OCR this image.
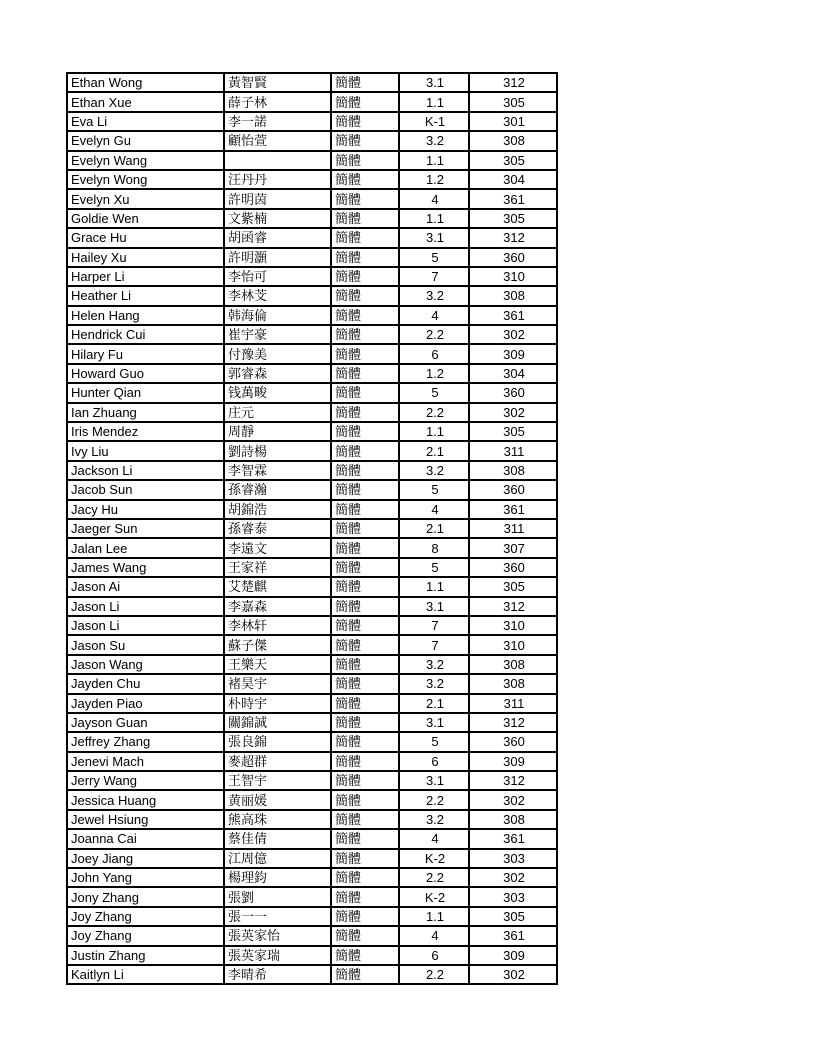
Ethan Wong	黃智賢	簡體	3.1	312
Ethan Xue	薛子林	簡體	1.1	305
Eva Li	李一諾	簡體	K-1	301
Evelyn Gu	顧怡萱	簡體	3.2	308
Evelyn Wang		簡體	1.1	305
Evelyn Wong	汪丹丹	簡體	1.2	304
Evelyn Xu	許明茵	簡體	4	361
Goldie Wen	文紫楠	簡體	1.1	305
Grace Hu	胡函睿	簡體	3.1	312
Hailey Xu	許明灝	簡體	5	360
Harper Li	李怡可	簡體	7	310
Heather Li	李林芠	簡體	3.2	308
Helen Hang	韩海倫	簡體	4	361
Hendrick Cui	崔宇豪	簡體	2.2	302
Hilary Fu	付豫美	簡體	6	309
Howard Guo	郭睿森	簡體	1.2	304
Hunter Qian	钱萬畯	簡體	5	360
Ian Zhuang	庄元	簡體	2.2	302
Iris Mendez	周靜	簡體	1.1	305
Ivy Liu	劉詩楊	簡體	2.1	311
Jackson Li	李智霖	簡體	3.2	308
Jacob Sun	孫睿瀚	簡體	5	360
Jacy Hu	胡錦浩	簡體	4	361
Jaeger Sun	孫睿泰	簡體	2.1	311
Jalan Lee	李遠文	簡體	8	307
James Wang	王家祥	簡體	5	360
Jason Ai	艾楚麒	簡體	1.1	305
Jason Li	李嘉森	簡體	3.1	312
Jason Li	李林轩	簡體	7	310
Jason Su	蘇子傑	簡體	7	310
Jason Wang	王樂天	簡體	3.2	308
Jayden Chu	褚昊宇	簡體	3.2	308
Jayden Piao	朴時宇	簡體	2.1	311
Jayson Guan	關錦誠	簡體	3.1	312
Jeffrey Zhang	張良錦	簡體	5	360
Jenevi Mach	麥超群	簡體	6	309
Jerry Wang	王智宇	簡體	3.1	312
Jessica Huang	黄丽媛	簡體	2.2	302
Jewel Hsiung	熊高珠	簡體	3.2	308
Joanna Cai	蔡佳倩	簡體	4	361
Joey Jiang	江周億	簡體	K-2	303
John Yang	楊理鈞	簡體	2.2	302
Jony Zhang	張劉	簡體	K-2	303
Joy Zhang	張一一	簡體	1.1	305
Joy Zhang	張英家怡	簡體	4	361
Justin Zhang	張英家瑞	簡體	6	309
Kaitlyn Li	李晴希	簡體	2.2	302
